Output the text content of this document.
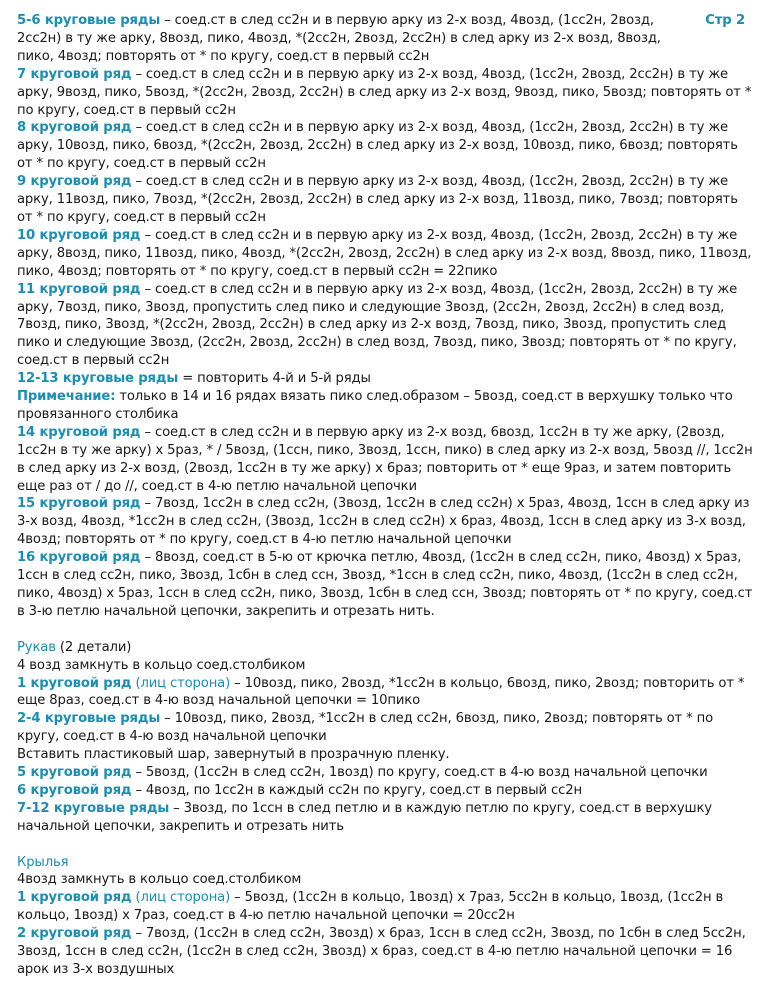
Стр 2

5-6 круговые ряды – соед.ст в след сс2н и в первую арку из 2-х возд, 4возд, (1сс2н, 2возд, 2сс2н) в ту же арку, 8возд, пико, 4возд, *(2сс2н, 2возд, 2сс2н) в след арку из 2-х возд, 8возд, пико, 4возд; повторять от * по кругу, соед.ст в первый сс2н

7 круговой ряд – соед.ст в след сс2н и в первую арку из 2-х возд, 4возд, (1сс2н, 2возд, 2сс2н) в ту же арку, 9возд, пико, 5возд, *(2сс2н, 2возд, 2сс2н) в след арку из 2-х возд, 9возд, пико, 5возд; повторять от * по кругу, соед.ст в первый сс2н

8 круговой ряд – соед.ст в след сс2н и в первую арку из 2-х возд, 4возд, (1сс2н, 2возд, 2сс2н) в ту же арку, 10возд, пико, 6возд, *(2сс2н, 2возд, 2сс2н) в след арку из 2-х возд, 10возд, пико, 6возд; повторять от * по кругу, соед.ст в первый сс2н

9 круговой ряд – соед.ст в след сс2н и в первую арку из 2-х возд, 4возд, (1сс2н, 2возд, 2сс2н) в ту же арку, 11возд, пико, 7возд, *(2сс2н, 2возд, 2сс2н) в след арку из 2-х возд, 11возд, пико, 7возд; повторять от * по кругу, соед.ст в первый сс2н

10 круговой ряд – соед.ст в след сс2н и в первую арку из 2-х возд, 4возд, (1сс2н, 2возд, 2сс2н) в ту же арку, 8возд, пико, 11возд, пико, 4возд, *(2сс2н, 2возд, 2сс2н) в след арку из 2-х возд, 8возд, пико, 11возд, пико, 4возд; повторять от * по кругу, соед.ст в первый сс2н = 22пико

11 круговой ряд – соед.ст в след сс2н и в первую арку из 2-х возд, 4возд, (1сс2н, 2возд, 2сс2н) в ту же арку, 7возд, пико, 3возд, пропустить след пико и следующие 3возд, (2сс2н, 2возд, 2сс2н) в след возд, 7возд, пико, 3возд, *(2сс2н, 2возд, 2сс2н) в след арку из 2-х возд, 7возд, пико, 3возд, пропустить след пико и следующие 3возд, (2сс2н, 2возд, 2сс2н) в след возд, 7возд, пико, 3возд; повторять от * по кругу, соед.ст в первый сс2н

12-13 круговые ряды = повторить 4-й и 5-й ряды

Примечание: только в 14 и 16 рядах вязать пико след.образом – 5возд, соед.ст в верхушку только что провязанного столбика

14 круговой ряд – соед.ст в след сс2н и в первую арку из 2-х возд, 6возд, 1сс2н в ту же арку, (2возд, 1сс2н в ту же арку) х 5раз, * / 5возд, (1ссн, пико, 3возд, 1ссн, пико) в след арку из 2-х возд, 5возд //, 1сс2н в след арку из 2-х возд, (2возд, 1сс2н в ту же арку) х 6раз; повторить от * еще 9раз, и затем повторить еще раз от / до //, соед.ст в 4-ю петлю начальной цепочки

15 круговой ряд – 7возд, 1сс2н в след сс2н, (3возд, 1сс2н в след сс2н) х 5раз, 4возд, 1ссн в след арку из 3-х возд, 4возд, *1сс2н в след сс2н, (3возд, 1сс2н в след сс2н) х 6раз, 4возд, 1ссн в след арку из 3-х возд, 4возд; повторять от * по кругу, соед.ст в 4-ю петлю начальной цепочки

16 круговой ряд – 8возд, соед.ст в 5-ю от крючка петлю, 4возд, (1сс2н в след сс2н, пико, 4возд) х 5раз, 1ссн в след сс2н, пико, 3возд, 1сбн в след ссн, 3возд, *1ссн в след сс2н, пико, 4возд, (1сс2н в след сс2н, пико, 4возд) х 5раз, 1ссн в след сс2н, пико, 3возд, 1сбн в след ссн, 3возд; повторять от * по кругу, соед.ст в 3-ю петлю начальной цепочки, закрепить и отрезать нить.

Рукав (2 детали)

4 возд замкнуть в кольцо соед.столбиком

1 круговой ряд (лиц сторона) – 10возд, пико, 2возд, *1сс2н в кольцо, 6возд, пико, 2возд; повторить от * еще 8раз, соед.ст в 4-ю возд начальной цепочки = 10пико

2-4 круговые ряды – 10возд, пико, 2возд, *1сс2н в след сс2н, 6возд, пико, 2возд; повторять от * по кругу, соед.ст в 4-ю возд начальной цепочки

Вставить пластиковый шар, завернутый в прозрачную пленку.

5 круговой ряд – 5возд, (1сс2н в след сс2н, 1возд) по кругу, соед.ст в 4-ю возд начальной цепочки

6 круговой ряд – 4возд, по 1сс2н в каждый сс2н по кругу, соед.ст в первый сс2н

7-12 круговые ряды – 3возд, по 1ссн в след петлю и в каждую петлю по кругу, соед.ст в верхушку начальной цепочки, закрепить и отрезать нить

Крылья

4возд замкнуть в кольцо соед.столбиком

1 круговой ряд (лиц сторона) – 5возд, (1сс2н в кольцо, 1возд) х 7раз, 5сс2н в кольцо, 1возд, (1сс2н в кольцо, 1возд) х 7раз, соед.ст в 4-ю петлю начальной цепочки = 20сс2н

2 круговой ряд – 7возд, (1сс2н в след сс2н, 3возд) х 6раз, 1ссн в след сс2н, 3возд, по 1сбн в след 5сс2н, 3возд, 1ссн в след сс2н, (1сс2н в след сс2н, 3возд) х 6раз, соед.ст в 4-ю петлю начальной цепочки = 16 арок из 3-х воздушных
